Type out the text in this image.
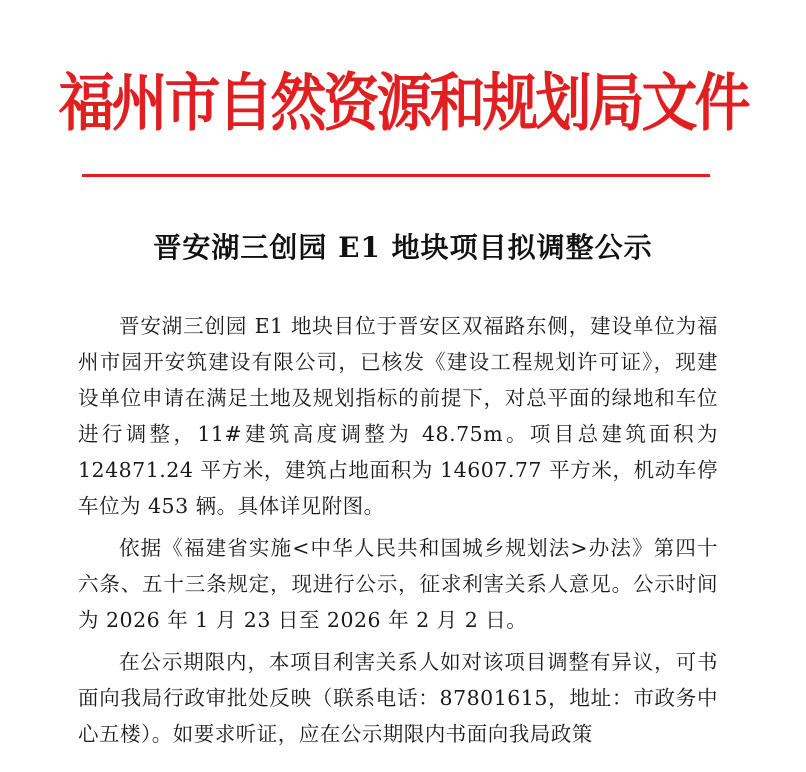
福州市自然资源和规划局文件
晋安湖三创园 E1 地块项目拟调整公示

晋安湖三创园 E1 地块目位于晋安区双福路东侧，建设单位为福州市园开安筑建设有限公司，已核发《建设工程规划许可证》，现建设单位申请在满足土地及规划指标的前提下，对总平面的绿地和车位进行调整，11#建筑高度调整为 48.75m。项目总建筑面积为 124871.24 平方米，建筑占地面积为 14607.77 平方米，机动车停车位为 453 辆。具体详见附图。

依据《福建省实施<中华人民共和国城乡规划法>办法》第四十六条、五十三条规定，现进行公示，征求利害关系人意见。公示时间为 2026 年 1 月 23 日至 2026 年 2 月 2 日。

在公示期限内，本项目利害关系人如对该项目调整有异议，可书面向我局行政审批处反映（联系电话：87801615，地址：市政务中心五楼）。如要求听证，应在公示期限内书面向我局政策
